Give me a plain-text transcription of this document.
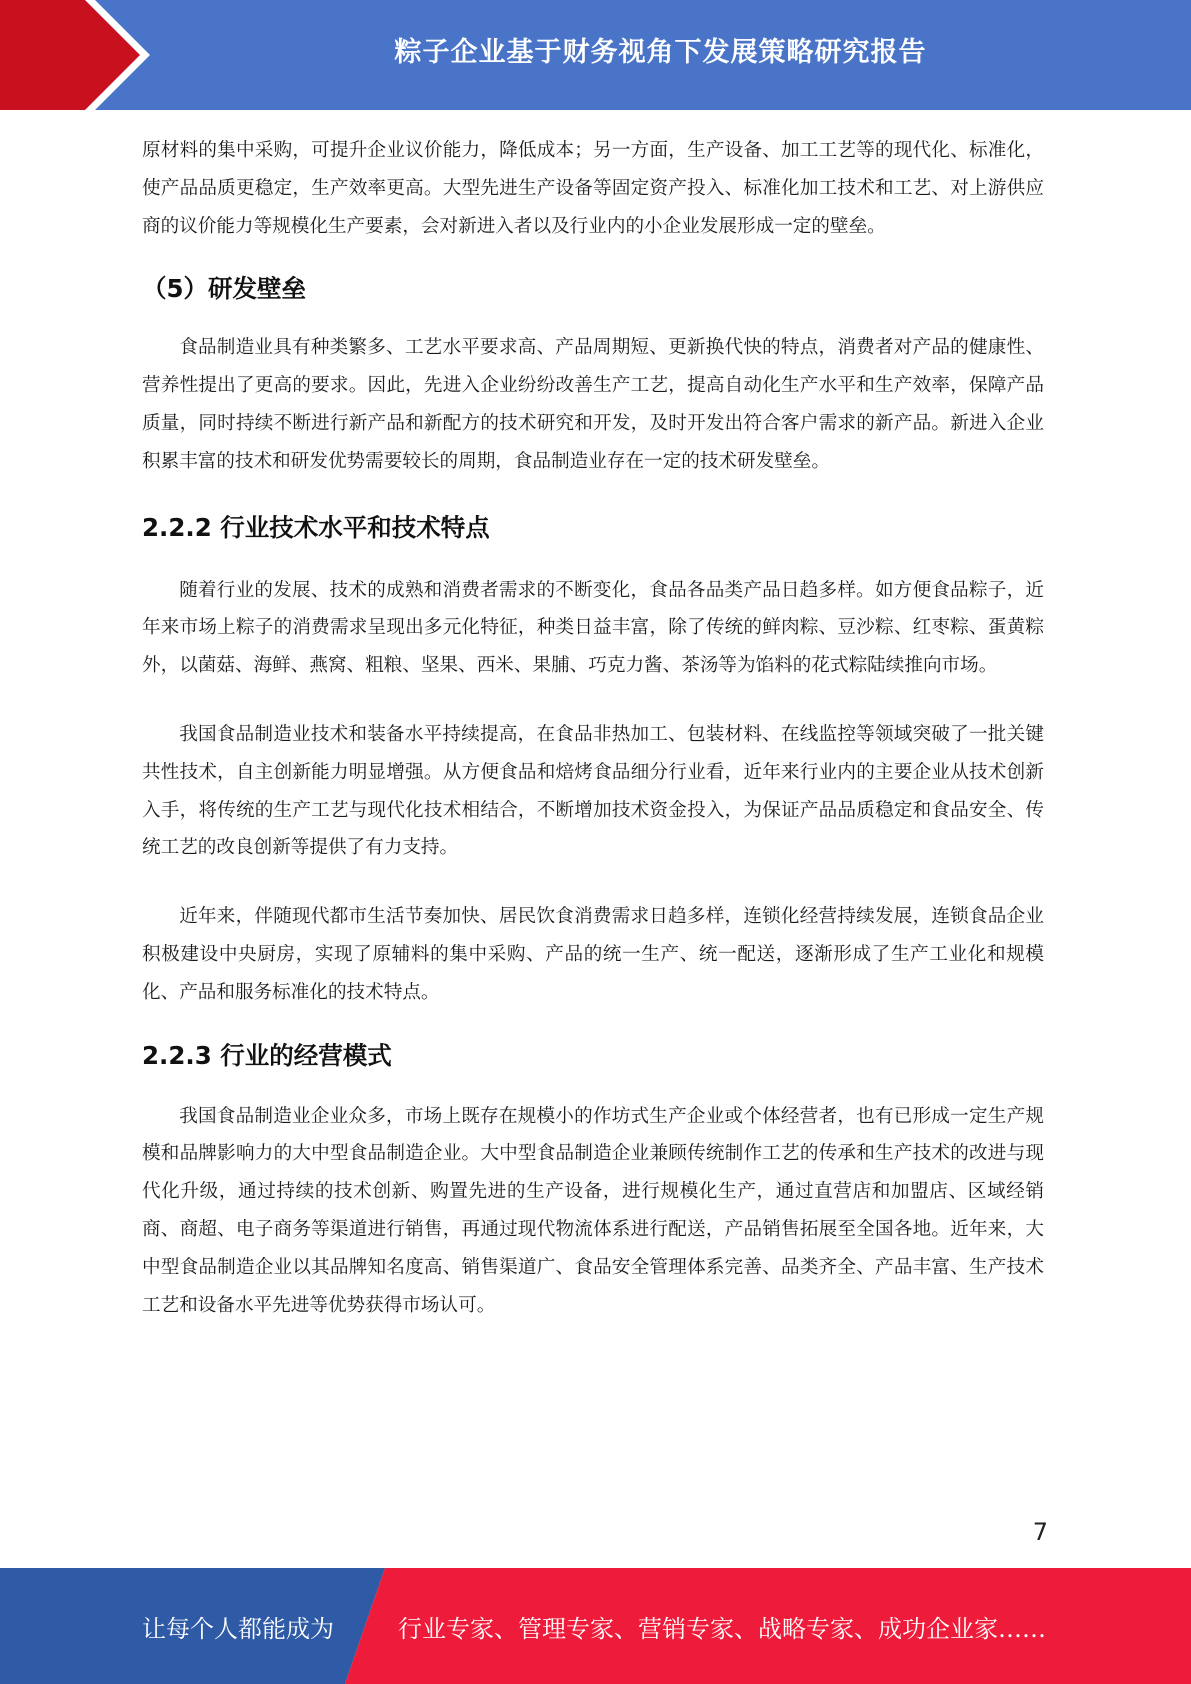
粽子企业基于财务视角下发展策略研究报告

原材料的集中采购，可提升企业议价能力，降低成本；另一方面，生产设备、加工工艺等的现代化、标准化，使产品品质更稳定，生产效率更高。大型先进生产设备等固定资产投入、标准化加工技术和工艺、对上游供应商的议价能力等规模化生产要素，会对新进入者以及行业内的小企业发展形成一定的壁垒。

（5）研发壁垒

食品制造业具有种类繁多、工艺水平要求高、产品周期短、更新换代快的特点，消费者对产品的健康性、营养性提出了更高的要求。因此，先进入企业纷纷改善生产工艺，提高自动化生产水平和生产效率，保障产品质量，同时持续不断进行新产品和新配方的技术研究和开发，及时开发出符合客户需求的新产品。新进入企业积累丰富的技术和研发优势需要较长的周期，食品制造业存在一定的技术研发壁垒。

2.2.2 行业技术水平和技术特点

随着行业的发展、技术的成熟和消费者需求的不断变化，食品各品类产品日趋多样。如方便食品粽子，近年来市场上粽子的消费需求呈现出多元化特征，种类日益丰富，除了传统的鲜肉粽、豆沙粽、红枣粽、蛋黄粽外，以菌菇、海鲜、燕窝、粗粮、坚果、西米、果脯、巧克力酱、茶汤等为馅料的花式粽陆续推向市场。

我国食品制造业技术和装备水平持续提高，在食品非热加工、包装材料、在线监控等领域突破了一批关键共性技术，自主创新能力明显增强。从方便食品和焙烤食品细分行业看，近年来行业内的主要企业从技术创新入手，将传统的生产工艺与现代化技术相结合，不断增加技术资金投入，为保证产品品质稳定和食品安全、传统工艺的改良创新等提供了有力支持。

近年来，伴随现代都市生活节奏加快、居民饮食消费需求日趋多样，连锁化经营持续发展，连锁食品企业积极建设中央厨房，实现了原辅料的集中采购、产品的统一生产、统一配送，逐渐形成了生产工业化和规模化、产品和服务标准化的技术特点。

2.2.3 行业的经营模式

我国食品制造业企业众多，市场上既存在规模小的作坊式生产企业或个体经营者，也有已形成一定生产规模和品牌影响力的大中型食品制造企业。大中型食品制造企业兼顾传统制作工艺的传承和生产技术的改进与现代化升级，通过持续的技术创新、购置先进的生产设备，进行规模化生产，通过直营店和加盟店、区域经销商、商超、电子商务等渠道进行销售，再通过现代物流体系进行配送，产品销售拓展至全国各地。近年来，大中型食品制造企业以其品牌知名度高、销售渠道广、食品安全管理体系完善、品类齐全、产品丰富、生产技术工艺和设备水平先进等优势获得市场认可。

7
让每个人都能成为	行业专家、管理专家、营销专家、战略专家、成功企业家……
